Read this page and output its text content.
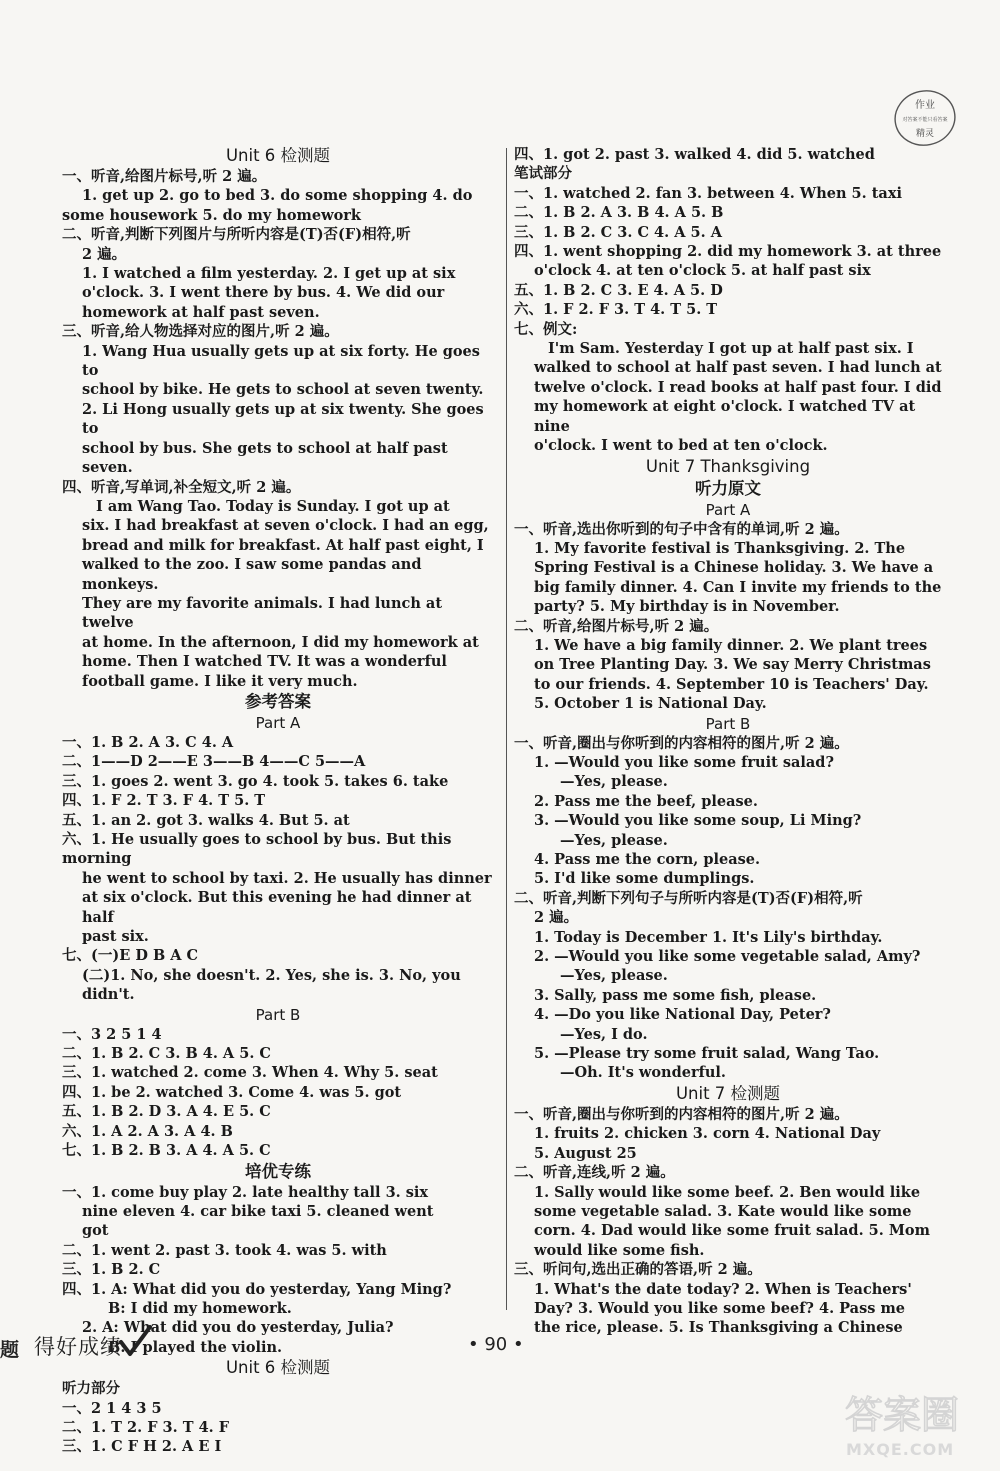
Unit 6 检测题
一、听音,给图片标号,听 2 遍。
1. get up 2. go to bed 3. do some shopping 4. do
some housework 5. do my homework
二、听音,判断下列图片与所听内容是(T)否(F)相符,听
2 遍。
1. I watched a film yesterday. 2. I get up at six
o'clock. 3. I went there by bus. 4. We did our
homework at half past seven.
三、听音,给人物选择对应的图片,听 2 遍。
1. Wang Hua usually gets up at six forty. He goes to
school by bike. He gets to school at seven twenty.
2. Li Hong usually gets up at six twenty. She goes to
school by bus. She gets to school at half past seven.
四、听音,写单词,补全短文,听 2 遍。
I am Wang Tao. Today is Sunday. I got up at
six. I had breakfast at seven o'clock. I had an egg,
bread and milk for breakfast. At half past eight, I
walked to the zoo. I saw some pandas and monkeys.
They are my favorite animals. I had lunch at twelve
at home. In the afternoon, I did my homework at
home. Then I watched TV. It was a wonderful
football game. I like it very much.
参考答案
Part A
一、1. B 2. A 3. C 4. A
二、1——D 2——E 3——B 4——C 5——A
三、1. goes 2. went 3. go 4. took 5. takes 6. take
四、1. F 2. T 3. F 4. T 5. T
五、1. an 2. got 3. walks 4. But 5. at
六、1. He usually goes to school by bus. But this morning
he went to school by taxi. 2. He usually has dinner
at six o'clock. But this evening he had dinner at half
past six.
七、(一)E D B A C
(二)1. No, she doesn't. 2. Yes, she is. 3. No, you
didn't.
Part B
一、3 2 5 1 4
二、1. B 2. C 3. B 4. A 5. C
三、1. watched 2. come 3. When 4. Why 5. seat
四、1. be 2. watched 3. Come 4. was 5. got
五、1. B 2. D 3. A 4. E 5. C
六、1. A 2. A 3. A 4. B
七、1. B 2. B 3. A 4. A 5. C
培优专练
一、1. come buy play 2. late healthy tall 3. six
nine eleven 4. car bike taxi 5. cleaned went
got
二、1. went 2. past 3. took 4. was 5. with
三、1. B 2. C
四、1. A: What did you do yesterday, Yang Ming?
B: I did my homework.
2. A: What did you do yesterday, Julia?
B: I played the violin.
Unit 6 检测题
听力部分
一、2 1 4 3 5
二、1. T 2. F 3. T 4. F
三、1. C F H 2. A E I
四、1. got 2. past 3. walked 4. did 5. watched
笔试部分
一、1. watched 2. fan 3. between 4. When 5. taxi
二、1. B 2. A 3. B 4. A 5. B
三、1. B 2. C 3. C 4. A 5. A
四、1. went shopping 2. did my homework 3. at three
o'clock 4. at ten o'clock 5. at half past six
五、1. B 2. C 3. E 4. A 5. D
六、1. F 2. F 3. T 4. T 5. T
七、例文:
I'm Sam. Yesterday I got up at half past six. I
walked to school at half past seven. I had lunch at
twelve o'clock. I read books at half past four. I did
my homework at eight o'clock. I watched TV at nine
o'clock. I went to bed at ten o'clock.
Unit 7 Thanksgiving
听力原文
Part A
一、听音,选出你听到的句子中含有的单词,听 2 遍。
1. My favorite festival is Thanksgiving. 2. The
Spring Festival is a Chinese holiday. 3. We have a
big family dinner. 4. Can I invite my friends to the
party? 5. My birthday is in November.
二、听音,给图片标号,听 2 遍。
1. We have a big family dinner. 2. We plant trees
on Tree Planting Day. 3. We say Merry Christmas
to our friends. 4. September 10 is Teachers' Day.
5. October 1 is National Day.
Part B
一、听音,圈出与你听到的内容相符的图片,听 2 遍。
1. —Would you like some fruit salad?
—Yes, please.
2. Pass me the beef, please.
3. —Would you like some soup, Li Ming?
—Yes, please.
4. Pass me the corn, please.
5. I'd like some dumplings.
二、听音,判断下列句子与所听内容是(T)否(F)相符,听
2 遍。
1. Today is December 1. It's Lily's birthday.
2. —Would you like some vegetable salad, Amy?
—Yes, please.
3. Sally, pass me some fish, please.
4. —Do you like National Day, Peter?
—Yes, I do.
5. —Please try some fruit salad, Wang Tao.
—Oh. It's wonderful.
Unit 7 检测题
一、听音,圈出与你听到的内容相符的图片,听 2 遍。
1. fruits 2. chicken 3. corn 4. National Day
5. August 25
二、听音,连线,听 2 遍。
1. Sally would like some beef. 2. Ben would like
some vegetable salad. 3. Kate would like some
corn. 4. Dad would like some fruit salad. 5. Mom
would like some fish.
三、听问句,选出正确的答语,听 2 遍。
1. What's the date today? 2. When is Teachers'
Day? 3. Would you like some beef? 4. Pass me
the rice, please. 5. Is Thanksgiving a Chinese
作业
对答案不能只看答案
精灵
题 得好成绩	• 90 •
答案圈
MXQE.COM
